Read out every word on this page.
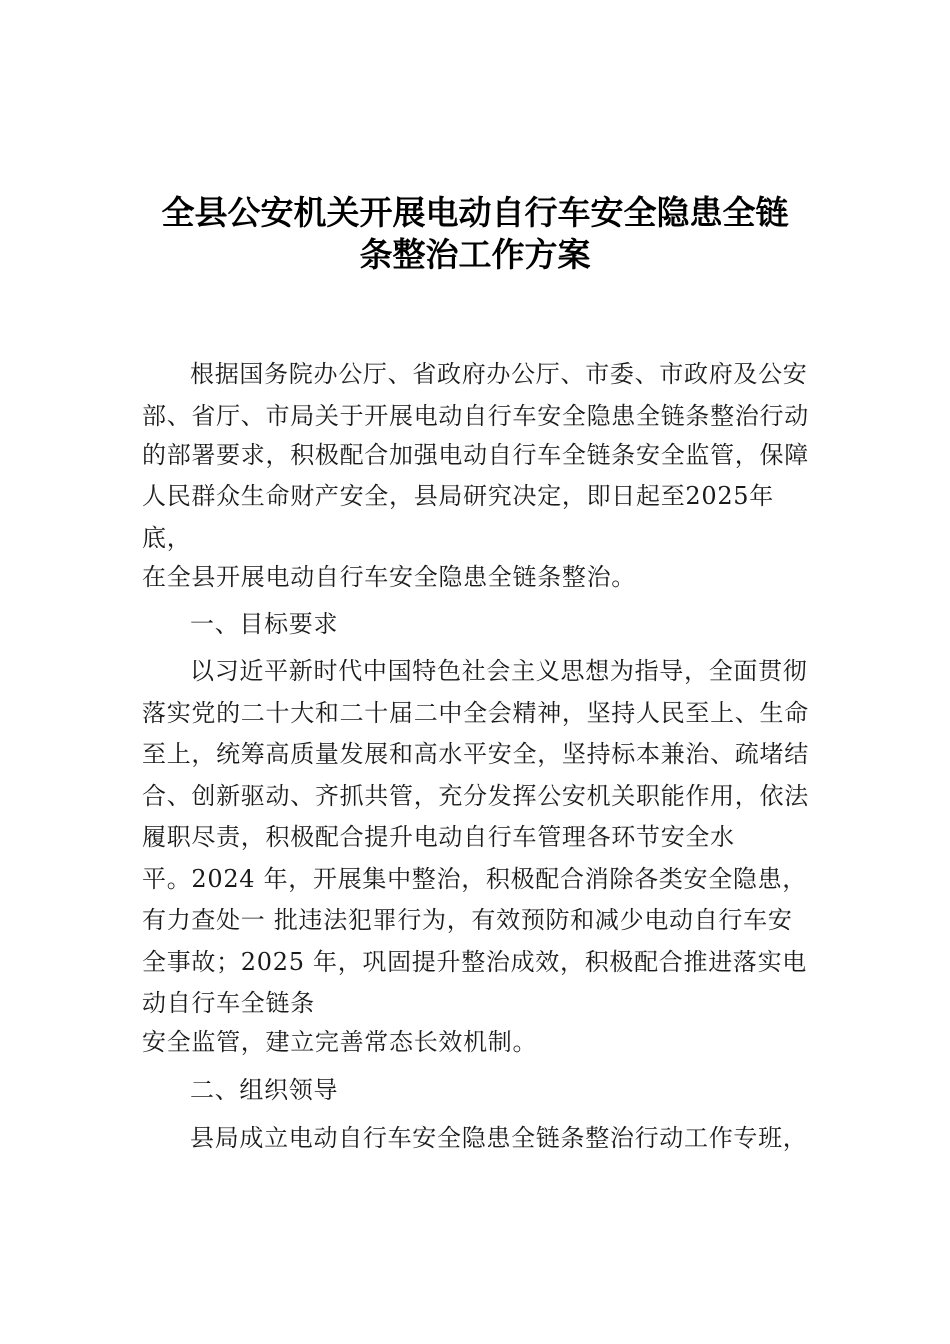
全县公安机关开展电动自行车安全隐患全链
条整治工作方案
根据国务院办公厅、省政府办公厅、市委、市政府及公安
部、省厅、市局关于开展电动自行车安全隐患全链条整治行动
的部署要求，积极配合加强电动自行车全链条安全监管，保障
人民群众生命财产安全，县局研究决定，即日起至2025年
底，
在全县开展电动自行车安全隐患全链条整治。
一、目标要求
以习近平新时代中国特色社会主义思想为指导，全面贯彻
落实党的二十大和二十届二中全会精神，坚持人民至上、生命
至上，统筹高质量发展和高水平安全，坚持标本兼治、疏堵结
合、创新驱动、齐抓共管，充分发挥公安机关职能作用，依法
履职尽责，积极配合提升电动自行车管理各环节安全水
平。2024 年，开展集中整治，积极配合消除各类安全隐患，
有力查处一 批违法犯罪行为，有效预防和减少电动自行车安
全事故；2025 年，巩固提升整治成效，积极配合推进落实电
动自行车全链条
安全监管，建立完善常态长效机制。
二、组织领导
县局成立电动自行车安全隐患全链条整治行动工作专班，
